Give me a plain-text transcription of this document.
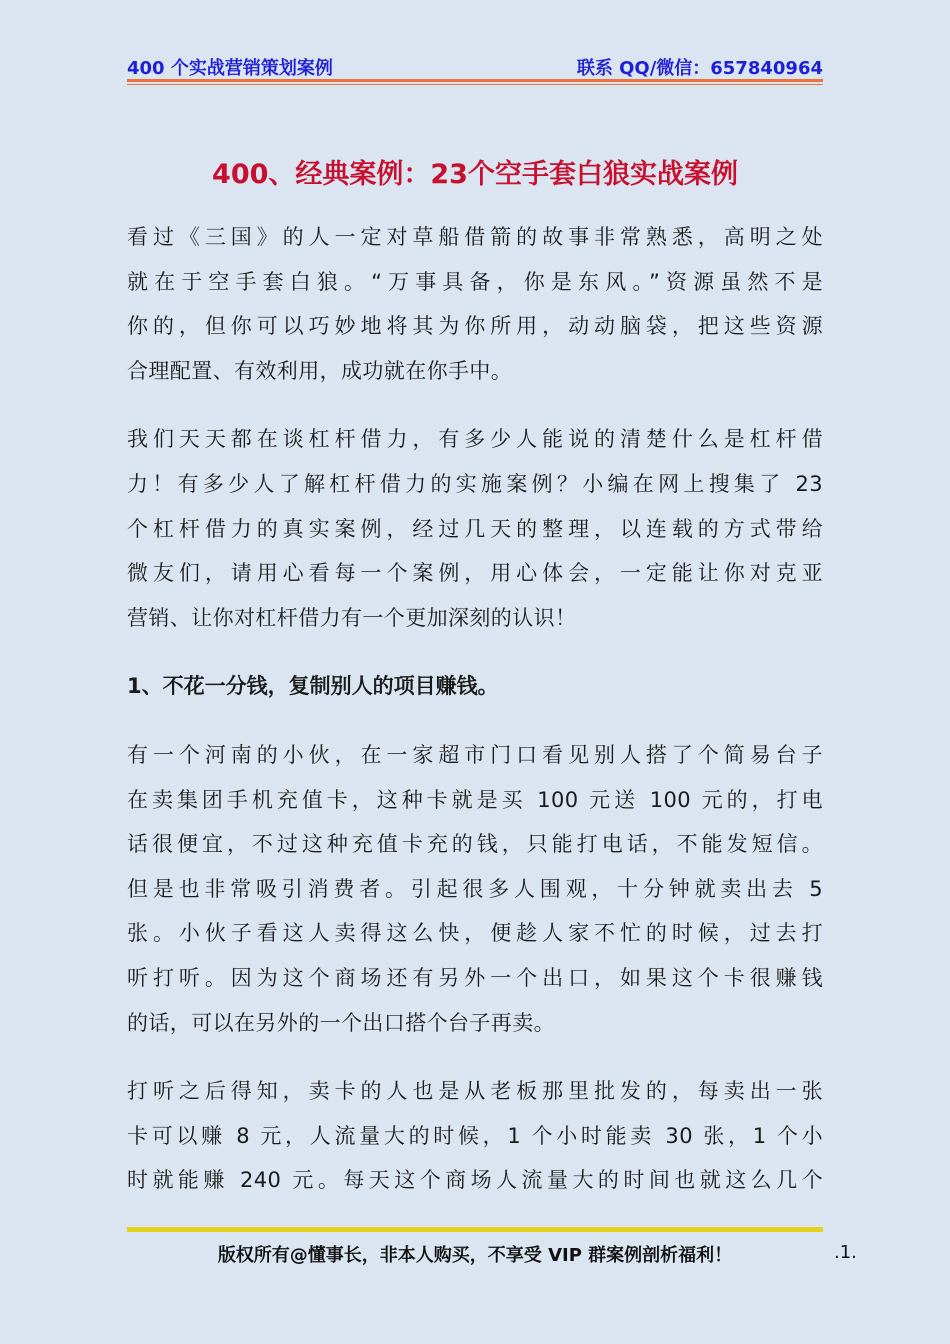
400 个实战营销策划案例	联系 QQ/微信：657840964
400、经典案例：23个空手套白狼实战案例

看过《三国》的人一定对草船借箭的故事非常熟悉，高明之处
就在于空手套白狼。“万事具备，你是东风。”资源虽然不是
你的，但你可以巧妙地将其为你所用，动动脑袋，把这些资源
合理配置、有效利用，成功就在你手中。

我们天天都在谈杠杆借力，有多少人能说的清楚什么是杠杆借
力！有多少人了解杠杆借力的实施案例？小编在网上搜集了 23
个杠杆借力的真实案例，经过几天的整理，以连载的方式带给
微友们，请用心看每一个案例，用心体会，一定能让你对克亚
营销、让你对杠杆借力有一个更加深刻的认识！

1、不花一分钱，复制别人的项目赚钱。

有一个河南的小伙，在一家超市门口看见别人搭了个简易台子
在卖集团手机充值卡，这种卡就是买 100 元送 100 元的，打电
话很便宜，不过这种充值卡充的钱，只能打电话，不能发短信。
但是也非常吸引消费者。引起很多人围观，十分钟就卖出去 5
张。小伙子看这人卖得这么快，便趁人家不忙的时候，过去打
听打听。因为这个商场还有另外一个出口，如果这个卡很赚钱
的话，可以在另外的一个出口搭个台子再卖。

打听之后得知，卖卡的人也是从老板那里批发的，每卖出一张
卡可以赚 8 元，人流量大的时候，1 个小时能卖 30 张，1 个小
时就能赚 240 元。每天这个商场人流量大的时间也就这么几个

版权所有@懂事长，非本人购买，不享受 VIP 群案例剖析福利！	.1.
